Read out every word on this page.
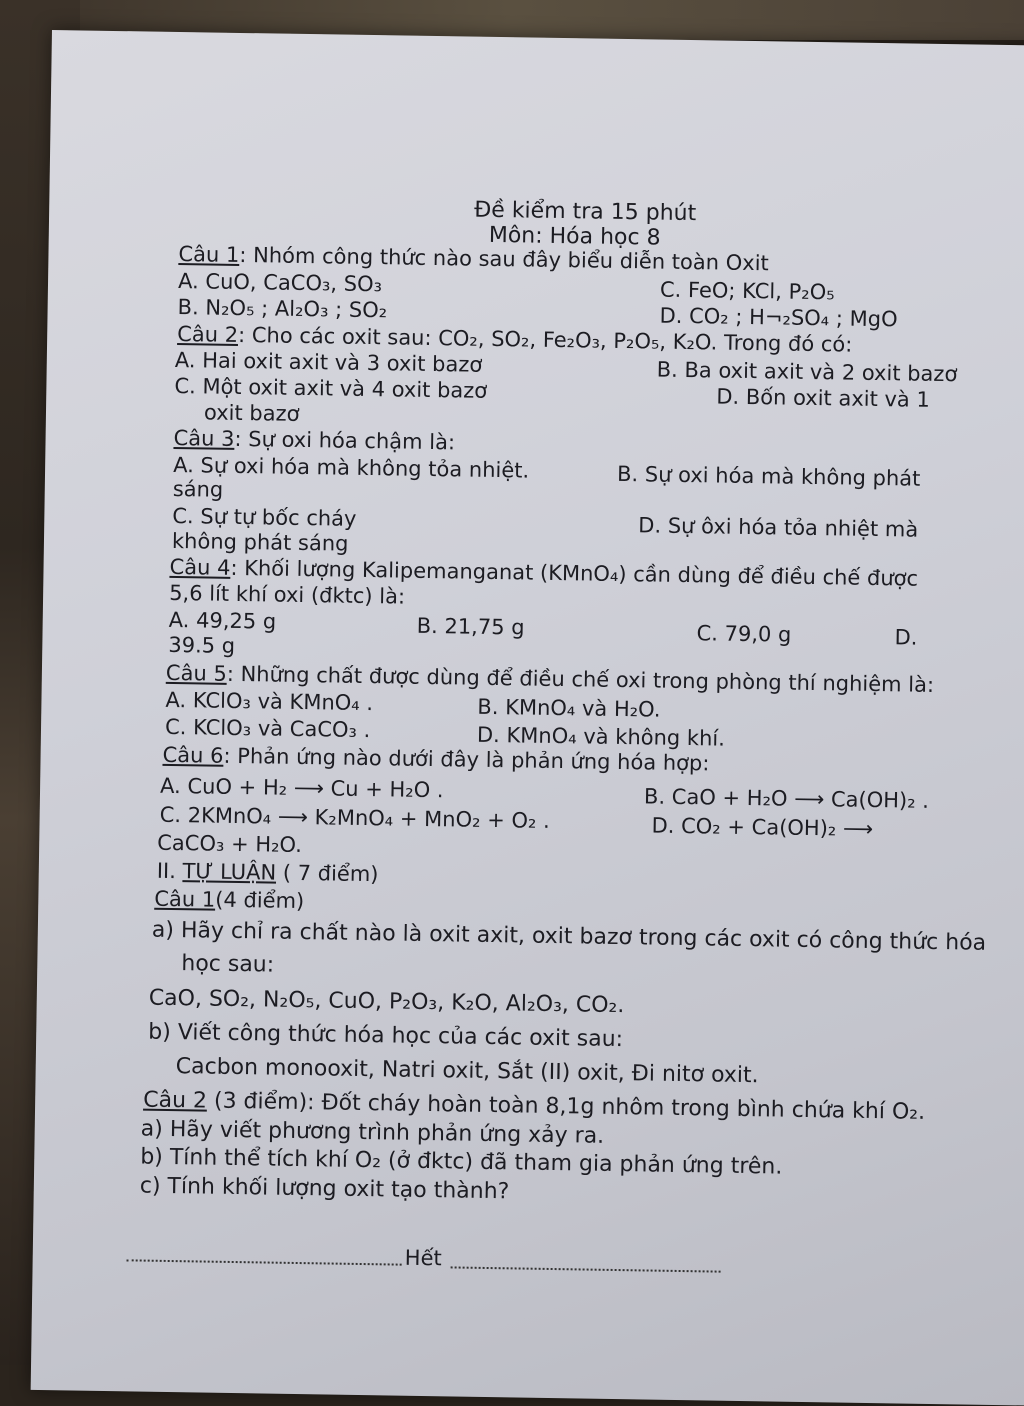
Đề kiểm tra 15 phút
Môn: Hóa học 8
Câu 1: Nhóm công thức nào sau đây biểu diễn toàn Oxit
A. CuO, CaCO₃, SO₃	C. FeO; KCl, P₂O₅
B. N₂O₅ ; Al₂O₃ ; SO₂	D. CO₂ ; H¬₂SO₄ ; MgO
Câu 2: Cho các oxit sau: CO₂, SO₂, Fe₂O₃, P₂O₅, K₂O. Trong đó có:
A. Hai oxit axit và 3 oxit bazơ	B. Ba oxit axit và 2 oxit bazơ
C. Một oxit axit và 4 oxit bazơ	D. Bốn oxit axit và 1
oxit bazơ
Câu 3: Sự oxi hóa chậm là:
A. Sự oxi hóa mà không tỏa nhiệt.	B. Sự oxi hóa mà không phát
sáng
C. Sự tự bốc cháy	D. Sự ôxi hóa tỏa nhiệt mà
không phát sáng
Câu 4: Khối lượng Kalipemanganat (KMnO₄) cần dùng để điều chế được
5,6 lít khí oxi (đktc) là:
A. 49,25 g	B. 21,75 g	C. 79,0 g	D.
39.5 g
Câu 5: Những chất được dùng để điều chế oxi trong phòng thí nghiệm là:
A. KClO₃ và KMnO₄ .	B. KMnO₄ và H₂O.
C. KClO₃ và CaCO₃ .	D. KMnO₄ và không khí.
Câu 6: Phản ứng nào dưới đây là phản ứng hóa hợp:
A. CuO + H₂ ⟶ Cu + H₂O .	B. CaO + H₂O ⟶ Ca(OH)₂ .
C. 2KMnO₄ ⟶ K₂MnO₄ + MnO₂ + O₂ .	D. CO₂ + Ca(OH)₂ ⟶
CaCO₃ + H₂O.
II. TỰ LUẬN ( 7 điểm)
Câu 1(4 điểm)
a) Hãy chỉ ra chất nào là oxit axit, oxit bazơ trong các oxit có công thức hóa
học sau:
CaO, SO₂, N₂O₅, CuO, P₂O₃, K₂O, Al₂O₃, CO₂.
b) Viết công thức hóa học của các oxit sau:
Cacbon monooxit, Natri oxit, Sắt (II) oxit, Đi nitơ oxit.
Câu 2 (3 điểm): Đốt cháy hoàn toàn 8,1g nhôm trong bình chứa khí O₂.
a) Hãy viết phương trình phản ứng xảy ra.
b) Tính thể tích khí O₂ (ở đktc) đã tham gia phản ứng trên.
c) Tính khối lượng oxit tạo thành?
Hết
